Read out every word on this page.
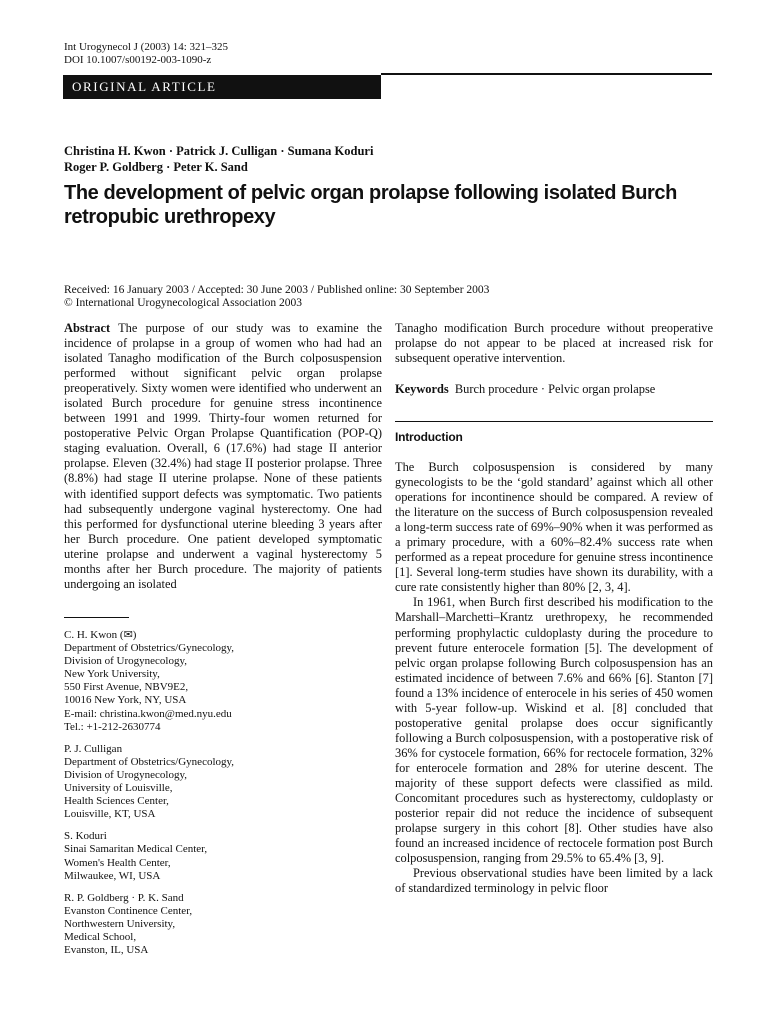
Int Urogynecol J (2003) 14: 321–325
DOI 10.1007/s00192-003-1090-z
ORIGINAL ARTICLE
Christina H. Kwon · Patrick J. Culligan · Sumana Koduri
Roger P. Goldberg · Peter K. Sand
The development of pelvic organ prolapse following isolated Burch retropubic urethropexy
Received: 16 January 2003 / Accepted: 30 June 2003 / Published online: 30 September 2003
© International Urogynecological Association 2003

Abstract The purpose of our study was to examine the incidence of prolapse in a group of women who had had an isolated Tanagho modification of the Burch colposuspension performed without significant pelvic organ prolapse preoperatively. Sixty women were identified who underwent an isolated Burch procedure for genuine stress incontinence between 1991 and 1999. Thirty-four women returned for postoperative Pelvic Organ Prolapse Quantification (POP-Q) staging evaluation. Overall, 6 (17.6%) had stage II anterior prolapse. Eleven (32.4%) had stage II posterior prolapse. Three (8.8%) had stage II uterine prolapse. None of these patients with identified support defects was symptomatic. Two patients had subsequently undergone vaginal hysterectomy. One had this performed for dysfunctional uterine bleeding 3 years after her Burch procedure. One patient developed symptomatic uterine prolapse and underwent a vaginal hysterectomy 5 months after her Burch procedure. The majority of patients undergoing an isolated

C. H. Kwon (✉)
Department of Obstetrics/Gynecology,
Division of Urogynecology,
New York University,
550 First Avenue, NBV9E2,
10016 New York, NY, USA
E-mail: christina.kwon@med.nyu.edu
Tel.: +1-212-2630774
P. J. Culligan
Department of Obstetrics/Gynecology,
Division of Urogynecology,
University of Louisville,
Health Sciences Center,
Louisville, KT, USA
S. Koduri
Sinai Samaritan Medical Center,
Women's Health Center,
Milwaukee, WI, USA
R. P. Goldberg · P. K. Sand
Evanston Continence Center,
Northwestern University,
Medical School,
Evanston, IL, USA

Tanagho modification Burch procedure without preoperative prolapse do not appear to be placed at increased risk for subsequent operative intervention.

Keywords Burch procedure · Pelvic organ prolapse

Introduction

The Burch colposuspension is considered by many gynecologists to be the ‘gold standard’ against which all other operations for incontinence should be compared. A review of the literature on the success of Burch colposuspension revealed a long-term success rate of 69%–90% when it was performed as a primary procedure, with a 60%–82.4% success rate when performed as a repeat procedure for genuine stress incontinence [1]. Several long-term studies have shown its durability, with a cure rate consistently higher than 80% [2, 3, 4].

In 1961, when Burch first described his modification to the Marshall–Marchetti–Krantz urethropexy, he recommended performing prophylactic culdoplasty during the procedure to prevent future enterocele formation [5]. The development of pelvic organ prolapse following Burch colposuspension has an estimated incidence of between 7.6% and 66% [6]. Stanton [7] found a 13% incidence of enterocele in his series of 450 women with 5-year follow-up. Wiskind et al. [8] concluded that postoperative genital prolapse does occur significantly following a Burch colposuspension, with a postoperative risk of 36% for cystocele formation, 66% for rectocele formation, 32% for enterocele formation and 28% for uterine descent. The majority of these support defects were classified as mild. Concomitant procedures such as hysterectomy, culdoplasty or posterior repair did not reduce the incidence of subsequent prolapse surgery in this cohort [8]. Other studies have also found an increased incidence of rectocele formation post Burch colposuspension, ranging from 29.5% to 65.4% [3, 9].

Previous observational studies have been limited by a lack of standardized terminology in pelvic floor
